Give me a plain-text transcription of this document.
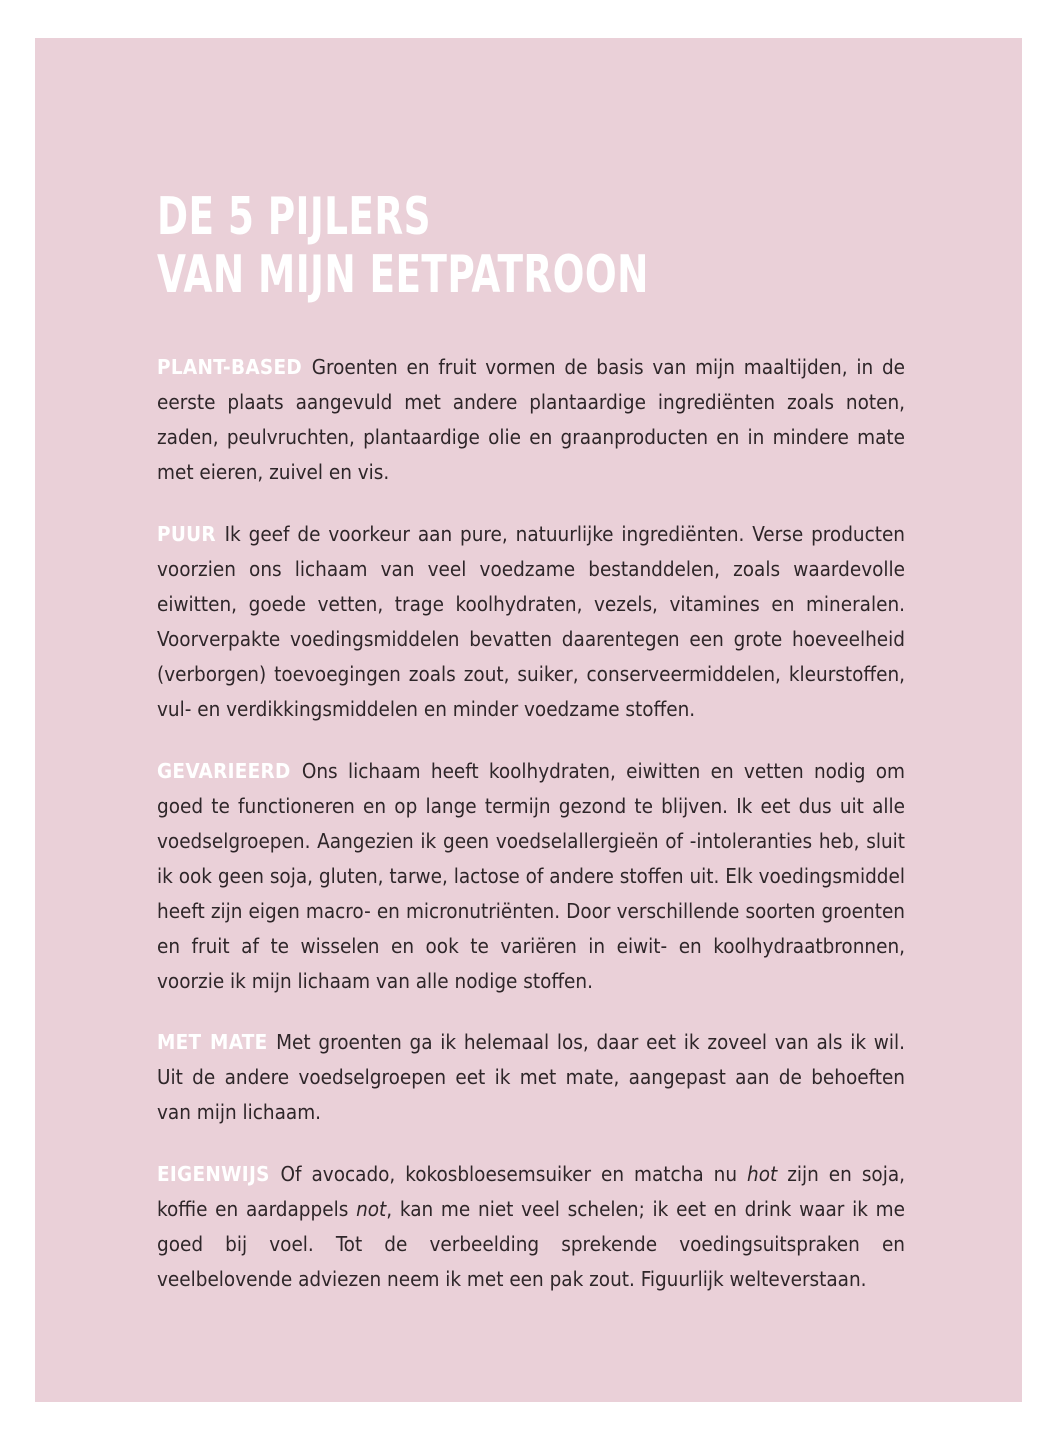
DE 5 PIJLERS
VAN MIJN EETPATROON

PLANT-BASED Groenten en fruit vormen de basis van mijn maaltijden, in de eerste plaats aangevuld met andere plantaardige ingrediënten zoals noten, zaden, peulvruchten, plantaardige olie en graanproducten en in mindere mate met eieren, zuivel en vis.

PUUR Ik geef de voorkeur aan pure, natuurlijke ingrediënten. Verse producten voorzien ons lichaam van veel voedzame bestanddelen, zoals waardevolle eiwitten, goede vetten, trage koolhydraten, vezels, vitamines en mineralen. Voorverpakte voedingsmiddelen bevatten daarentegen een grote hoeveelheid (verborgen) toevoegingen zoals zout, suiker, conserveermiddelen, kleurstoffen, vul- en verdikkingsmiddelen en minder voedzame stoffen.

GEVARIEERD Ons lichaam heeft koolhydraten, eiwitten en vetten nodig om goed te functioneren en op lange termijn gezond te blijven. Ik eet dus uit alle voedselgroepen. Aangezien ik geen voedselallergieën of -intoleranties heb, sluit ik ook geen soja, gluten, tarwe, lactose of andere stoffen uit. Elk voedingsmiddel heeft zijn eigen macro- en micronutriënten. Door verschillende soorten groenten en fruit af te wisselen en ook te variëren in eiwit- en koolhydraatbronnen, voorzie ik mijn lichaam van alle nodige stoffen.

MET MATE Met groenten ga ik helemaal los, daar eet ik zoveel van als ik wil. Uit de andere voedselgroepen eet ik met mate, aangepast aan de behoeften van mijn lichaam.

EIGENWIJS Of avocado, kokosbloesemsuiker en matcha nu hot zijn en soja, koffie en aardappels not, kan me niet veel schelen; ik eet en drink waar ik me goed bij voel. Tot de verbeelding sprekende voedingsuitspraken en veelbelovende adviezen neem ik met een pak zout. Figuurlijk welteverstaan.
